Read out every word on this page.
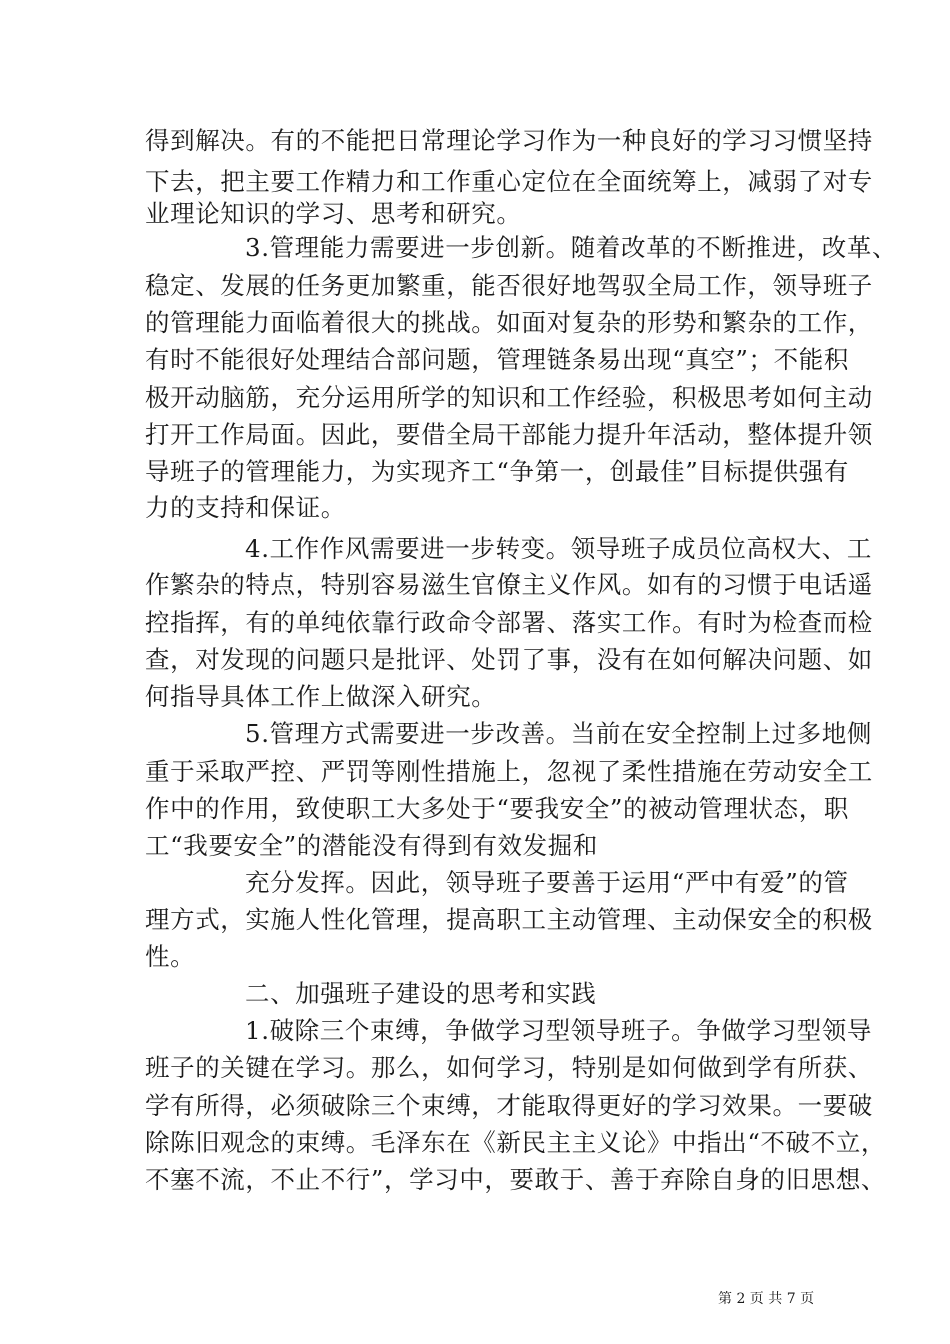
得到解决。有的不能把日常理论学习作为一种良好的学习习惯坚持
下去，把主要工作精力和工作重心定位在全面统筹上，减弱了对专
业理论知识的学习、思考和研究。
3.管理能力需要进一步创新。随着改革的不断推进，改革、
稳定、发展的任务更加繁重，能否很好地驾驭全局工作，领导班子
的管理能力面临着很大的挑战。如面对复杂的形势和繁杂的工作，
有时不能很好处理结合部问题，管理链条易出现“真空”；不能积
极开动脑筋，充分运用所学的知识和工作经验，积极思考如何主动
打开工作局面。因此，要借全局干部能力提升年活动，整体提升领
导班子的管理能力，为实现齐工“争第一，创最佳”目标提供强有
力的支持和保证。
4.工作作风需要进一步转变。领导班子成员位高权大、工
作繁杂的特点，特别容易滋生官僚主义作风。如有的习惯于电话遥
控指挥，有的单纯依靠行政命令部署、落实工作。有时为检查而检
查，对发现的问题只是批评、处罚了事，没有在如何解决问题、如
何指导具体工作上做深入研究。
5.管理方式需要进一步改善。当前在安全控制上过多地侧
重于采取严控、严罚等刚性措施上，忽视了柔性措施在劳动安全工
作中的作用，致使职工大多处于“要我安全”的被动管理状态，职
工“我要安全”的潜能没有得到有效发掘和
充分发挥。因此，领导班子要善于运用“严中有爱”的管
理方式，实施人性化管理，提高职工主动管理、主动保安全的积极
性。
二、加强班子建设的思考和实践
1.破除三个束缚，争做学习型领导班子。争做学习型领导
班子的关键在学习。那么，如何学习，特别是如何做到学有所获、
学有所得，必须破除三个束缚，才能取得更好的学习效果。一要破
除陈旧观念的束缚。毛泽东在《新民主主义论》中指出“不破不立，
不塞不流，不止不行”，学习中，要敢于、善于弃除自身的旧思想、
第 2 页 共 7 页
